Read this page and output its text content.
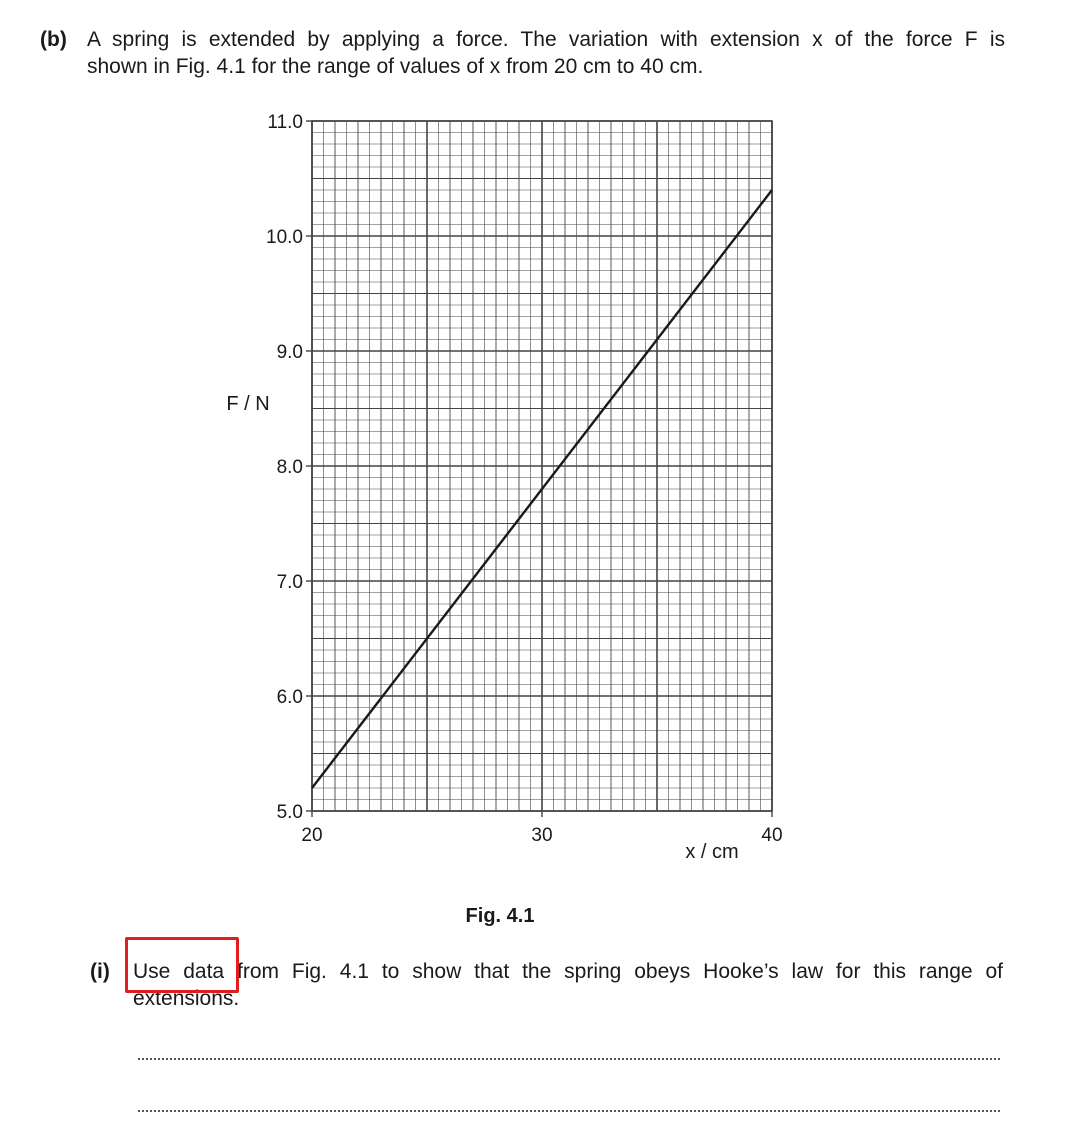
(b) A spring is extended by applying a force. The variation with extension x of the force F is
shown in Fig. 4.1 for the range of values of x from 20 cm to 40 cm.
5.0
6.0
7.0
8.0
9.0
10.0
11.0
20	30	40
F / N
x / cm
Fig. 4.1
(i) Use data from Fig. 4.1 to show that the spring obeys Hooke’s law for this range of
extensions.
